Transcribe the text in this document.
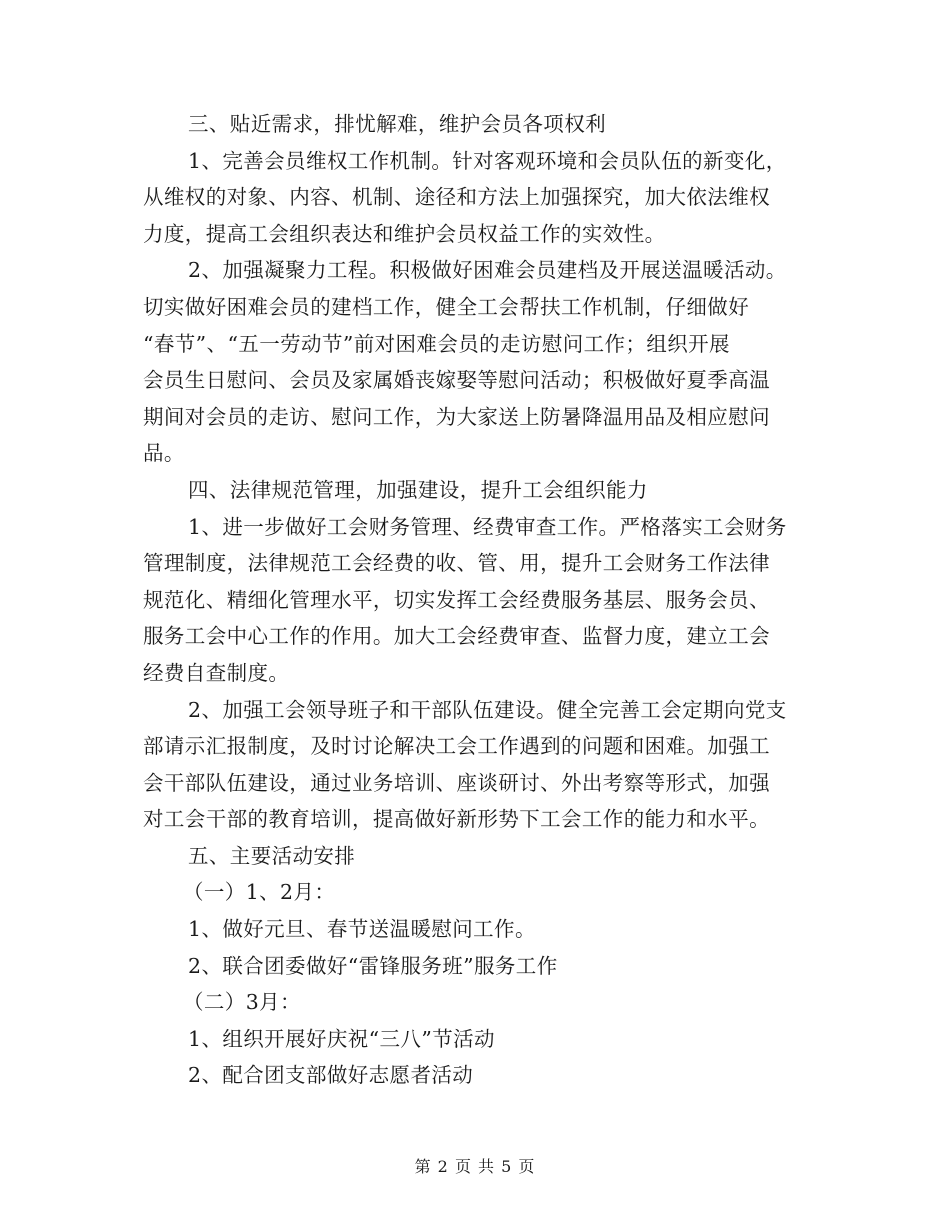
三、贴近需求，排忧解难，维护会员各项权利
1、完善会员维权工作机制。针对客观环境和会员队伍的新变化，
从维权的对象、内容、机制、途径和方法上加强探究，加大依法维权
力度，提高工会组织表达和维护会员权益工作的实效性。
2、加强凝聚力工程。积极做好困难会员建档及开展送温暖活动。
切实做好困难会员的建档工作，健全工会帮扶工作机制，仔细做好
“春节”、“五一劳动节”前对困难会员的走访慰问工作；组织开展
会员生日慰问、会员及家属婚丧嫁娶等慰问活动；积极做好夏季高温
期间对会员的走访、慰问工作，为大家送上防暑降温用品及相应慰问
品。
四、法律规范管理，加强建设，提升工会组织能力
1、进一步做好工会财务管理、经费审查工作。严格落实工会财务
管理制度，法律规范工会经费的收、管、用，提升工会财务工作法律
规范化、精细化管理水平，切实发挥工会经费服务基层、服务会员、
服务工会中心工作的作用。加大工会经费审查、监督力度，建立工会
经费自查制度。
2、加强工会领导班子和干部队伍建设。健全完善工会定期向党支
部请示汇报制度，及时讨论解决工会工作遇到的问题和困难。加强工
会干部队伍建设，通过业务培训、座谈研讨、外出考察等形式，加强
对工会干部的教育培训，提高做好新形势下工会工作的能力和水平。
五、主要活动安排
（一）1、2月：
1、做好元旦、春节送温暖慰问工作。
2、联合团委做好“雷锋服务班”服务工作
（二）3月：
1、组织开展好庆祝“三八”节活动
2、配合团支部做好志愿者活动
第 2 页 共 5 页
